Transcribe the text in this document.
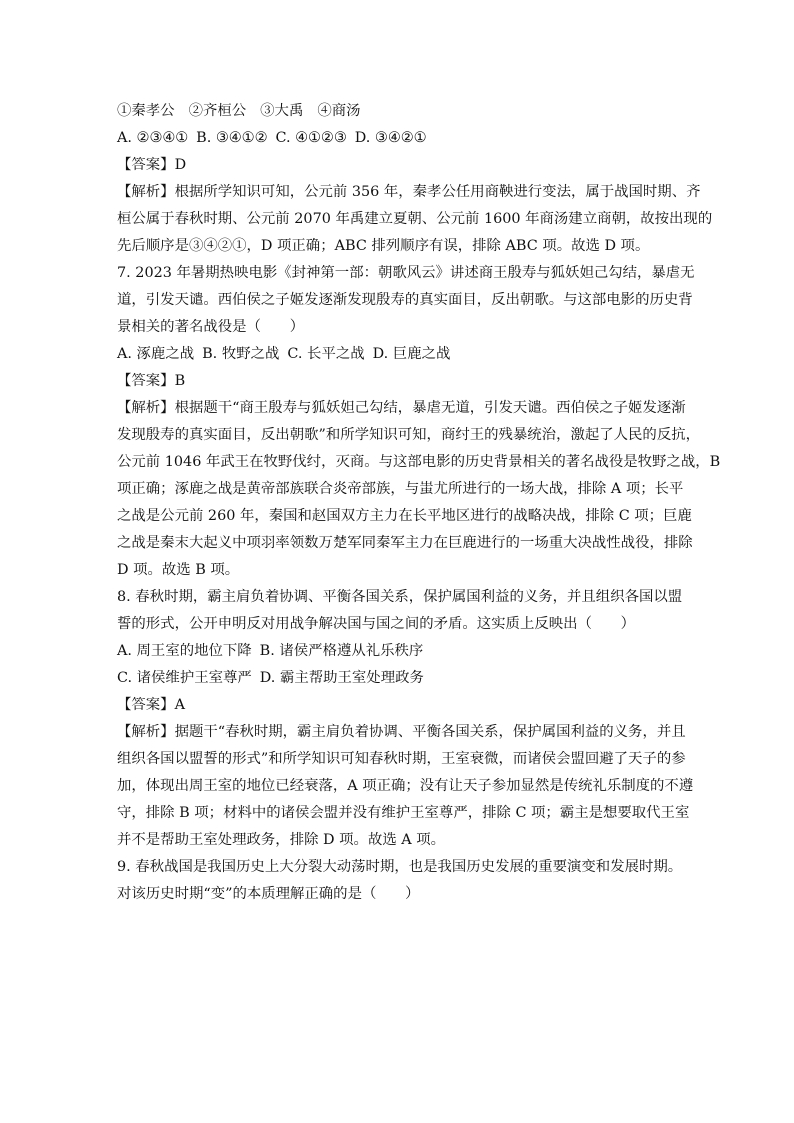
①秦孝公 ②齐桓公 ③大禹 ④商汤
A. ②③④① B. ③④①② C. ④①②③ D. ③④②①
【答案】D
【解析】根据所学知识可知，公元前 356 年，秦孝公任用商鞅进行变法，属于战国时期、齐
桓公属于春秋时期、公元前 2070 年禹建立夏朝、公元前 1600 年商汤建立商朝，故按出现的
先后顺序是③④②①，D 项正确；ABC 排列顺序有误，排除 ABC 项。故选 D 项。
7. 2023 年暑期热映电影《封神第一部：朝歌风云》讲述商王殷寿与狐妖妲己勾结，暴虐无
道，引发天谴。西伯侯之子姬发逐渐发现殷寿的真实面目，反出朝歌。与这部电影的历史背
景相关的著名战役是（　　）
A. 涿鹿之战 B. 牧野之战 C. 长平之战 D. 巨鹿之战
【答案】B
【解析】根据题干“商王殷寿与狐妖妲己勾结，暴虐无道，引发天谴。西伯侯之子姬发逐渐
发现殷寿的真实面目，反出朝歌”和所学知识可知，商纣王的残暴统治，激起了人民的反抗，
公元前 1046 年武王在牧野伐纣，灭商。与这部电影的历史背景相关的著名战役是牧野之战，B
项正确；涿鹿之战是黄帝部族联合炎帝部族，与蚩尤所进行的一场大战，排除 A 项；长平
之战是公元前 260 年，秦国和赵国双方主力在长平地区进行的战略决战，排除 C 项；巨鹿
之战是秦末大起义中项羽率领数万楚军同秦军主力在巨鹿进行的一场重大决战性战役，排除
D 项。故选 B 项。
8. 春秋时期，霸主肩负着协调、平衡各国关系，保护属国利益的义务，并且组织各国以盟
誓的形式，公开申明反对用战争解决国与国之间的矛盾。这实质上反映出（　　）
A. 周王室的地位下降 B. 诸侯严格遵从礼乐秩序
C. 诸侯维护王室尊严 D. 霸主帮助王室处理政务
【答案】A
【解析】据题干“春秋时期，霸主肩负着协调、平衡各国关系，保护属国利益的义务，并且
组织各国以盟誓的形式”和所学知识可知春秋时期，王室衰微，而诸侯会盟回避了天子的参
加，体现出周王室的地位已经衰落，A 项正确；没有让天子参加显然是传统礼乐制度的不遵
守，排除 B 项；材料中的诸侯会盟并没有维护王室尊严，排除 C 项；霸主是想要取代王室
并不是帮助王室处理政务，排除 D 项。故选 A 项。
9. 春秋战国是我国历史上大分裂大动荡时期，也是我国历史发展的重要演变和发展时期。
对该历史时期“变”的本质理解正确的是（　　）
